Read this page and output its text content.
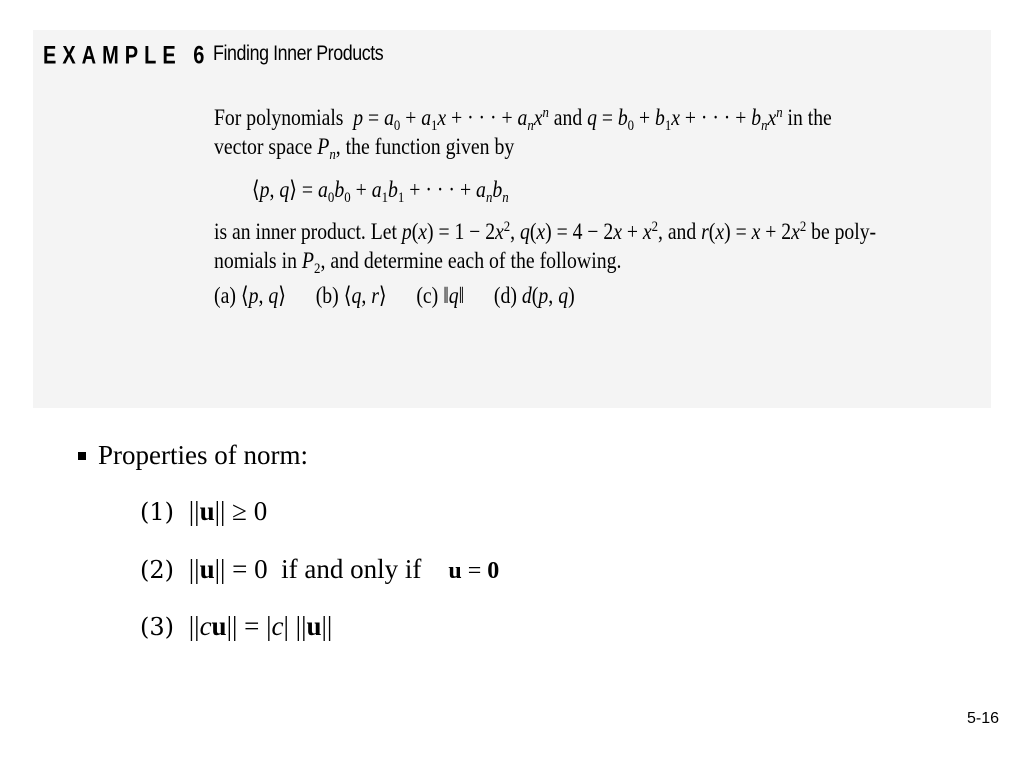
EXAMPLE 6 Finding Inner Products
For polynomials $p = a_0 + a_1x$ + · · · + $a_nx^n$ and $q = b_0 + b_1x$ + · · · + $b_nx^n$ in the
vector space $P_n$, the function given by
⟨p, q⟩ = $a_0b_0 + a_1b_1$ + · · · + $a_nb_n$
is an inner product. Let $p(x) = 1 - 2x^2$, $q(x) = 4 - 2x + x^2$, and $r(x) = x + 2x^2$ be poly-
nomials in $P_2$, and determine each of the following.
(a) ⟨p, q⟩      (b) ⟨q, r⟩      (c) ‖q‖      (d) d(p, q)
Properties of norm:
(1) ||u|| ≥ 0
(2) ||u|| = 0 if and only if u = 0
(3) ||cu|| = |c| ||u||
5-16
